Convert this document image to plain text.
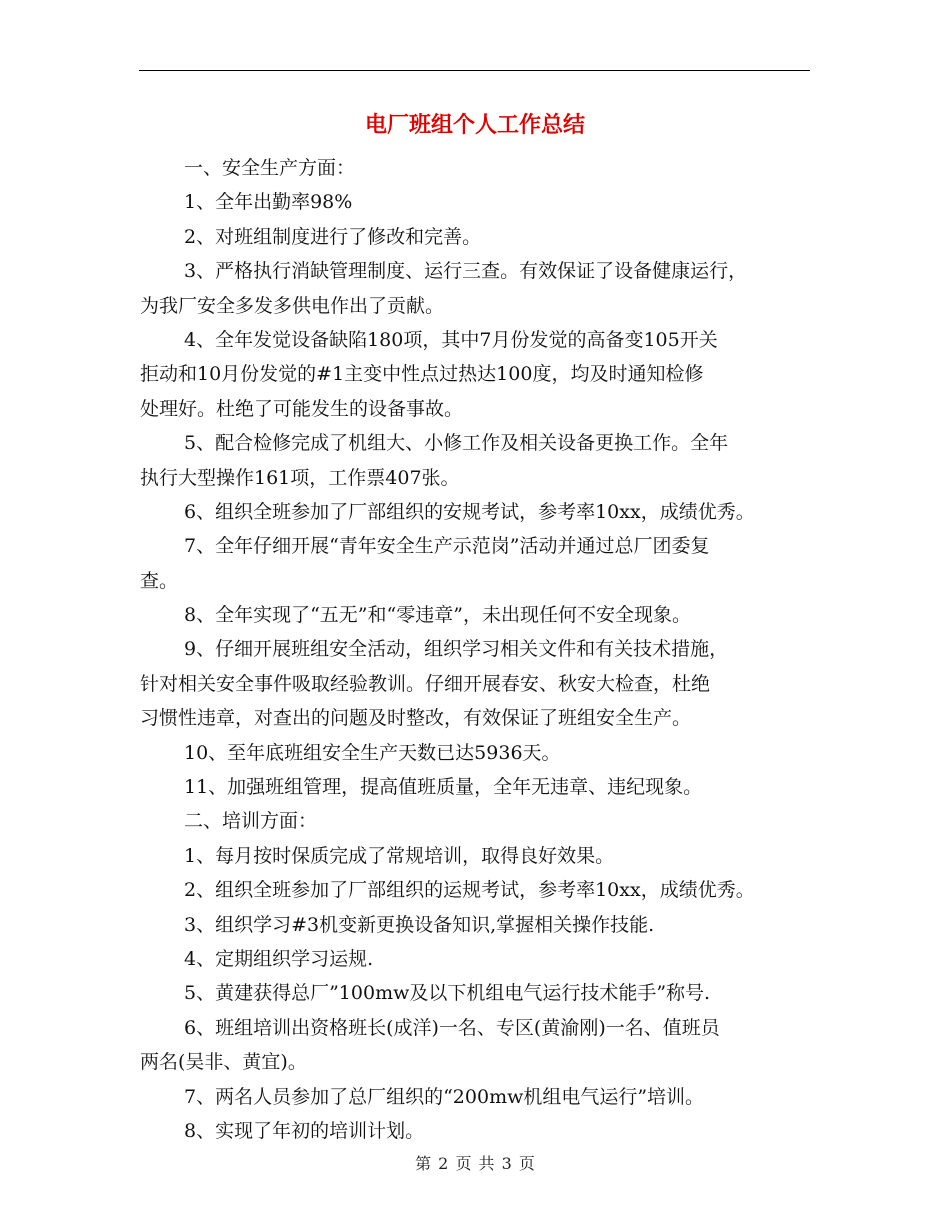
电厂班组个人工作总结
一、安全生产方面：
1、全年出勤率98%
2、对班组制度进行了修改和完善。
3、严格执行消缺管理制度、运行三查。有效保证了设备健康运行，
为我厂安全多发多供电作出了贡献。
4、全年发觉设备缺陷180项，其中7月份发觉的高备变105开关
拒动和10月份发觉的#1主变中性点过热达100度，均及时通知检修
处理好。杜绝了可能发生的设备事故。
5、配合检修完成了机组大、小修工作及相关设备更换工作。全年
执行大型操作161项，工作票407张。
6、组织全班参加了厂部组织的安规考试，参考率10xx，成绩优秀。
7、全年仔细开展“青年安全生产示范岗”活动并通过总厂团委复
查。
8、全年实现了“五无”和“零违章”，未出现任何不安全现象。
9、仔细开展班组安全活动，组织学习相关文件和有关技术措施，
针对相关安全事件吸取经验教训。仔细开展春安、秋安大检查，杜绝
习惯性违章，对查出的问题及时整改，有效保证了班组安全生产。
10、至年底班组安全生产天数已达5936天。
11、加强班组管理，提高值班质量，全年无违章、违纪现象。
二、培训方面：
1、每月按时保质完成了常规培训，取得良好效果。
2、组织全班参加了厂部组织的运规考试，参考率10xx，成绩优秀。
3、组织学习#3机变新更换设备知识,掌握相关操作技能.
4、定期组织学习运规.
5、黄建获得总厂”100mw及以下机组电气运行技术能手”称号.
6、班组培训出资格班长(成洋)一名、专区(黄渝刚)一名、值班员
两名(吴非、黄宜)。
7、两名人员参加了总厂组织的“200mw机组电气运行”培训。
8、实现了年初的培训计划。
第 2 页 共 3 页
